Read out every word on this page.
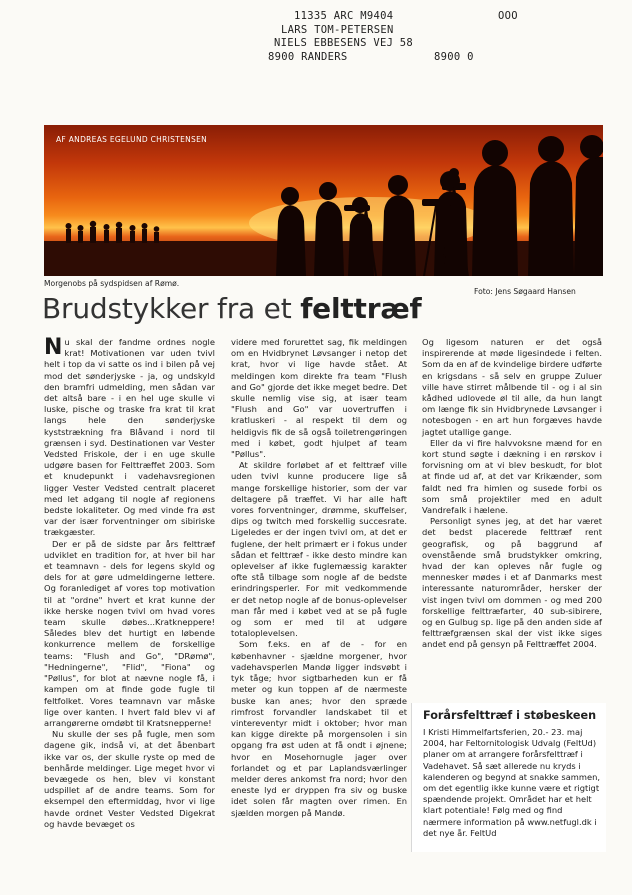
11335 ARC M9404	OOO
LARS TOM-PETERSEN
NIELS EBBESENS VEJ 58
8900 RANDERS	8900 0
AF ANDREAS EGELUND CHRISTENSEN
Morgenobs på sydspidsen af Rømø.
Foto: Jens Søgaard Hansen
Brudstykker fra et felttræf

Nu skal der fandme ordnes nogle krat! Motivationen var uden tvivl helt i top da vi satte os ind i bilen på vej mod det sønderjyske - ja, og undskyld den bramfri udmelding, men sådan var det altså bare - i en hel uge skulle vi luske, pische og traske fra krat til krat langs hele den sønderjyske kyststrækning fra Blåvand i nord til grænsen i syd. Destinationen var Vester Vedsted Friskole, der i en uge skulle udgøre basen for Felttræffet 2003. Som et knudepunkt i vadehavsregionen ligger Vester Vedsted centralt placeret med let adgang til nogle af regionens bedste lokaliteter. Og med vinde fra øst var der især forventninger om sibiriske trækgæster.

Der er på de sidste par års felttræf udviklet en tradition for, at hver bil har et teamnavn - dels for legens skyld og dels for at gøre udmeldingerne lettere. Og foranlediget af vores top motivation til at "ordne" hvert et krat kunne der ikke herske nogen tvivl om hvad vores team skulle døbes...Kratkneppere! Således blev det hurtigt en løbende konkurrence mellem de forskellige teams: "Flush and Go", "DRømø", "Hedningerne", "Flid", "Fiona" og "Pøllus", for blot at nævne nogle få, i kampen om at finde gode fugle til feltfolket. Vores teamnavn var måske lige over kanten. I hvert fald blev vi af arrangørerne omdøbt til Kratsnepperne!

Nu skulle der ses på fugle, men som dagene gik, indså vi, at det åbenbart ikke var os, der skulle ryste op med de benhårde meldinger. Lige meget hvor vi bevægede os hen, blev vi konstant udspillet af de andre teams. Som for eksempel den eftermiddag, hvor vi lige havde ordnet Vester Vedsted Digekrat og havde bevæget os

videre med forurettet sag, fik meldingen om en Hvidbrynet Løvsanger i netop det krat, hvor vi lige havde stået. At meldingen kom direkte fra team "Flush and Go" gjorde det ikke meget bedre. Det skulle nemlig vise sig, at især team "Flush and Go" var uovertruffen i kratluskeri - al respekt til dem og heldigvis fik de så også toiletrengøringen med i købet, godt hjulpet af team "Pøllus".

At skildre forløbet af et felttræf ville uden tvivl kunne producere lige så mange forskellige historier, som der var deltagere på træffet. Vi har alle haft vores forventninger, drømme, skuffelser, dips og twitch med forskellig succesrate. Ligeledes er der ingen tvivl om, at det er fuglene, der helt primært er i fokus under sådan et felttræf - ikke desto mindre kan oplevelser af ikke fuglemæssig karakter ofte stå tilbage som nogle af de bedste erindringsperler. For mit vedkommende er det netop nogle af de bonus-oplevelser man får med i købet ved at se på fugle og som er med til at udgøre totaloplevelsen.

Som f.eks. en af de - for en københavner - sjældne morgener, hvor vadehavsperlen Mandø ligger indsvøbt i tyk tåge; hvor sigtbarheden kun er få meter og kun toppen af de nærmeste buske kan anes; hvor den spræde rimfrost forvandler landskabet til et vintereventyr midt i oktober; hvor man kan kigge direkte på morgensolen i sin opgang fra øst uden at få ondt i øjnene; hvor en Mosehornugle jager over forlandet og et par Laplandsværlinger melder deres ankomst fra nord; hvor den eneste lyd er dryppen fra siv og buske idet solen får magten over rimen. En sjælden morgen på Mandø.

Og ligesom naturen er det også inspirerende at møde ligesindede i felten. Som da en af de kvindelige birdere udførte en krigsdans - så selv en gruppe Zuluer ville have stirret målbende til - og i al sin kådhed udlovede øl til alle, da hun langt om længe fik sin Hvidbrynede Løvsanger i notesbogen - en art hun forgæves havde jagtet utallige gange.

Eller da vi fire halvvoksne mænd for en kort stund søgte i dækning i en rørskov i forvisning om at vi blev beskudt, for blot at finde ud af, at det var Krikænder, som faldt ned fra himlen og susede forbi os som små projektiler med en adult Vandrefalk i hælene.

Personligt synes jeg, at det har været det bedst placerede felttræf rent geografisk, og på baggrund af ovenstående små brudstykker omkring, hvad der kan opleves når fugle og mennesker mødes i et af Danmarks mest interessante naturområder, hersker der vist ingen tvivl om dommen - og med 200 forskellige felttræfarter, 40 sub-sibirere, og en Gulbug sp. lige på den anden side af felttræfgrænsen skal der vist ikke siges andet end på gensyn på Felttræffet 2004.

Forårsfelttræf i støbeskeen

I Kristi Himmelfartsferien, 20.- 23. maj 2004, har Feltornitologisk Udvalg (FeltUd) planer om at arrangere forårsfelttræf i Vadehavet. Så sæt allerede nu kryds i kalenderen og begynd at snakke sammen, om det egentlig ikke kunne være et rigtigt spændende projekt. Området har et helt klart potentiale! Følg med og find nærmere information på www.netfugl.dk i det nye år. FeltUd
